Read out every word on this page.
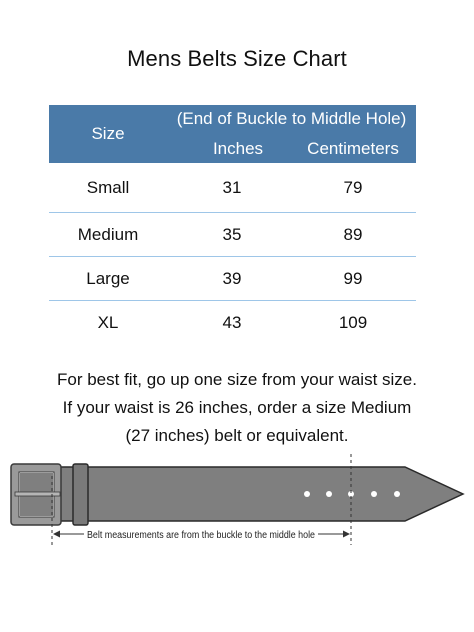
Mens Belts Size Chart
Size
(End of Buckle to Middle Hole)
Inches	Centimeters
Small	31	79
Medium	35	89
Large	39	99
XL	43	109
For best fit, go up one size from your waist size.
If your waist is 26 inches, order a size Medium
(27 inches) belt or equivalent.
Belt measurements are from the buckle to the middle hole
